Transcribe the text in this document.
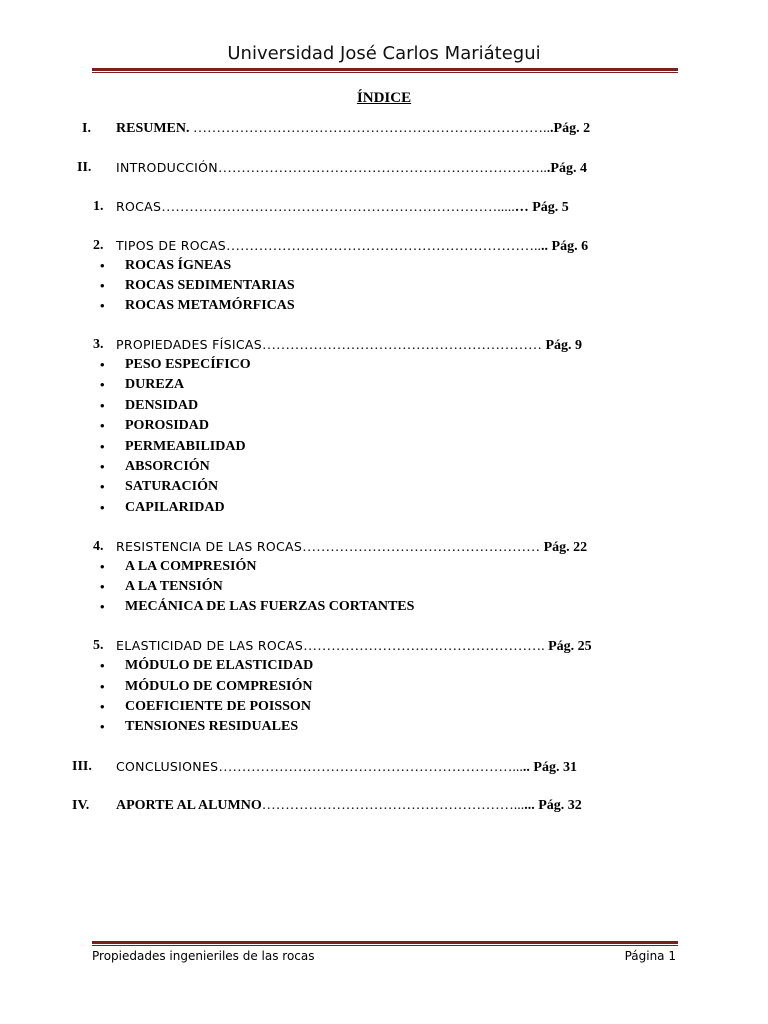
Universidad José Carlos Mariátegui
ÍNDICE
I. RESUMEN. …………………………………………………………………...Pág. 2
II. INTRODUCCIÓN……………………………………………………………...Pág. 4
1. ROCAS……………………………………………………………….....… Pág. 5
2. TIPOS DE ROCAS………………………………………………………….... Pág. 6
• ROCAS ÍGNEAS
• ROCAS SEDIMENTARIAS
• ROCAS METAMÓRFICAS
3. PROPIEDADES FÍSICAS…………………………………………………… Pág. 9
• PESO ESPECÍFICO
• DUREZA
• DENSIDAD
• POROSIDAD
• PERMEABILIDAD
• ABSORCIÓN
• SATURACIÓN
• CAPILARIDAD
4. RESISTENCIA DE LAS ROCAS…………………………………………… Pág. 22
• A LA COMPRESIÓN
• A LA TENSIÓN
• MECÁNICA DE LAS FUERZAS CORTANTES
5. ELASTICIDAD DE LAS ROCAS……………………………………………. Pág. 25
• MÓDULO DE ELASTICIDAD
• MÓDULO DE COMPRESIÓN
• COEFICIENTE DE POISSON
• TENSIONES RESIDUALES
III. CONCLUSIONES………………………………………………………..... Pág. 31
IV. APORTE AL ALUMNO………………………………………………...... Pág. 32
Propiedades ingenieriles de las rocas	Página 1
